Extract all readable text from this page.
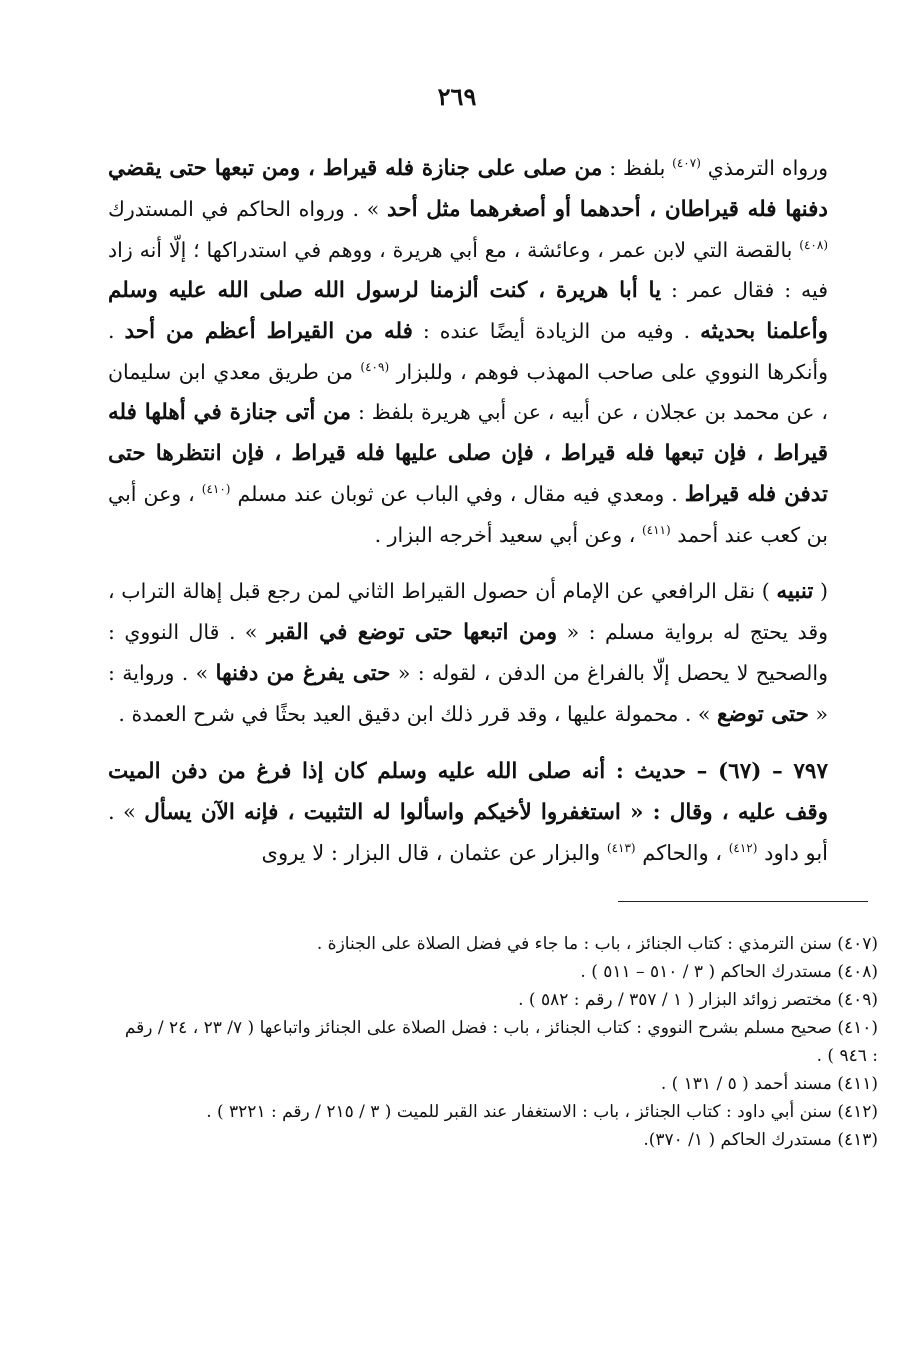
٢٦٩

ورواه الترمذي $^{(٤٠٧)}$ بلفظ : من صلى على جنازة فله قيراط ، ومن تبعها حتى يقضي دفنها فله قيراطان ، أحدهما أو أصغرهما مثل أحد » . ورواه الحاكم في المستدرك $^{(٤٠٨)}$ بالقصة التي لابن عمر ، وعائشة ، مع أبي هريرة ، ووهم في استدراكها ؛ إلّا أنه زاد فيه : فقال عمر : يا أبا هريرة ، كنت ألزمنا لرسول الله صلى الله عليه وسلم وأعلمنا بحديثه . وفيه من الزيادة أيضًا عنده : فله من القيراط أعظم من أحد . وأنكرها النووي على صاحب المهذب فوهم ، وللبزار $^{(٤٠٩)}$ من طريق معدي ابن سليمان ، عن محمد بن عجلان ، عن أبيه ، عن أبي هريرة بلفظ : من أتى جنازة في أهلها فله قيراط ، فإن تبعها فله قيراط ، فإن صلى عليها فله قيراط ، فإن انتظرها حتى تدفن فله قيراط . ومعدي فيه مقال ، وفي الباب عن ثوبان عند مسلم $^{(٤١٠)}$ ، وعن أبي بن كعب عند أحمد $^{(٤١١)}$ ، وعن أبي سعيد أخرجه البزار .

( تنبيه ) نقل الرافعي عن الإمام أن حصول القيراط الثاني لمن رجع قبل إهالة التراب ، وقد يحتج له برواية مسلم : « ومن اتبعها حتى توضع في القبر » . قال النووي : والصحيح لا يحصل إلّا بالفراغ من الدفن ، لقوله : « حتى يفرغ من دفنها » . ورواية : « حتى توضع » . محمولة عليها ، وقد قرر ذلك ابن دقيق العيد بحثًا في شرح العمدة .

٧٩٧ – (٦٧) – حديث : أنه صلى الله عليه وسلم كان إذا فرغ من دفن الميت وقف عليه ، وقال : « استغفروا لأخيكم واسألوا له التثبيت ، فإنه الآن يسأل » . أبو داود $^{(٤١٢)}$ ، والحاكم $^{(٤١٣)}$ والبزار عن عثمان ، قال البزار : لا يروى

(٤٠٧) سنن الترمذي : كتاب الجنائز ، باب : ما جاء في فضل الصلاة على الجنازة .

(٤٠٨) مستدرك الحاكم ( ٣ / ٥١٠ – ٥١١ ) .

(٤٠٩) مختصر زوائد البزار ( ١ / ٣٥٧ / رقم : ٥٨٢ ) .

(٤١٠) صحيح مسلم بشرح النووي : كتاب الجنائز ، باب : فضل الصلاة على الجنائز واتباعها ( ٧/ ٢٣ ، ٢٤ / رقم : ٩٤٦ ) .

(٤١١) مسند أحمد ( ٥ / ١٣١ ) .

(٤١٢) سنن أبي داود : كتاب الجنائز ، باب : الاستغفار عند القبر للميت ( ٣ / ٢١٥ / رقم : ٣٢٢١ ) .

(٤١٣) مستدرك الحاكم ( ١/ ٣٧٠).
